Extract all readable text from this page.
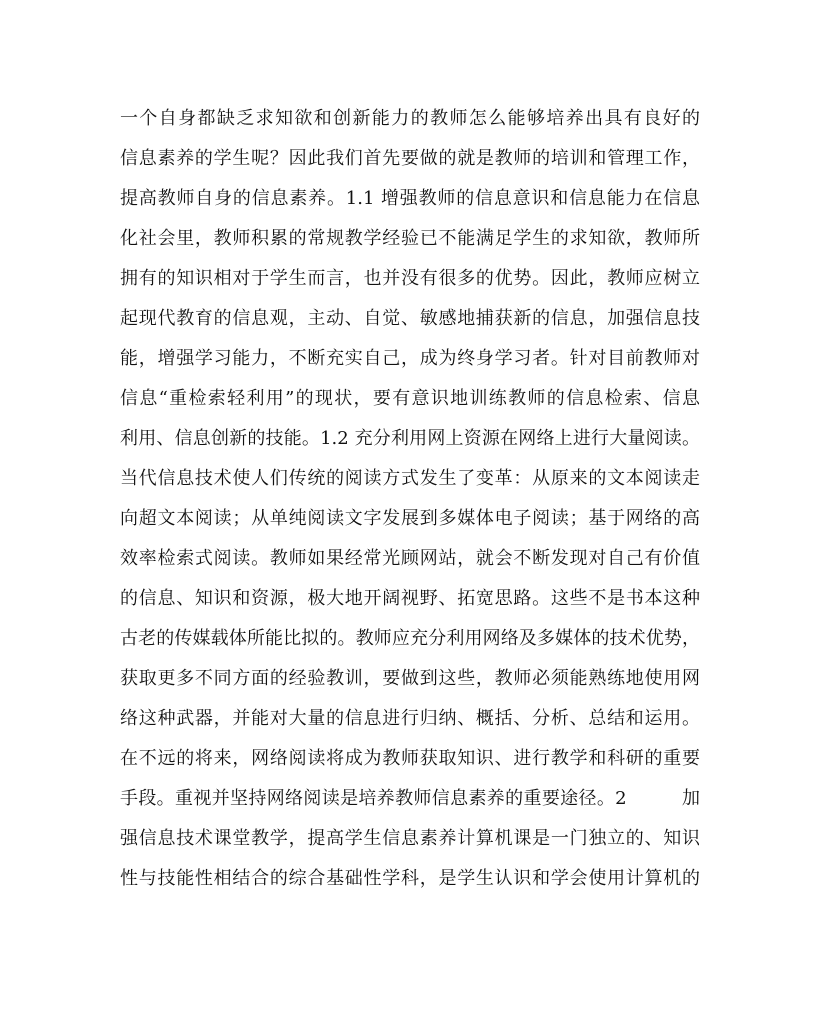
一个自身都缺乏求知欲和创新能力的教师怎么能够培养出具有良好的
信息素养的学生呢？因此我们首先要做的就是教师的培训和管理工作，
提高教师自身的信息素养。1.1 增强教师的信息意识和信息能力在信息
化社会里，教师积累的常规教学经验已不能满足学生的求知欲，教师所
拥有的知识相对于学生而言，也并没有很多的优势。因此，教师应树立
起现代教育的信息观，主动、自觉、敏感地捕获新的信息，加强信息技
能，增强学习能力，不断充实自己，成为终身学习者。针对目前教师对
信息“重检索轻利用”的现状，要有意识地训练教师的信息检索、信息
利用、信息创新的技能。1.2 充分利用网上资源在网络上进行大量阅读。
当代信息技术使人们传统的阅读方式发生了变革：从原来的文本阅读走
向超文本阅读；从单纯阅读文字发展到多媒体电子阅读；基于网络的高
效率检索式阅读。教师如果经常光顾网站，就会不断发现对自己有价值
的信息、知识和资源，极大地开阔视野、拓宽思路。这些不是书本这种
古老的传媒载体所能比拟的。教师应充分利用网络及多媒体的技术优势，
获取更多不同方面的经验教训，要做到这些，教师必须能熟练地使用网
络这种武器，并能对大量的信息进行归纳、概括、分析、总结和运用。
在不远的将来，网络阅读将成为教师获取知识、进行教学和科研的重要
手段。重视并坚持网络阅读是培养教师信息素养的重要途径。2　　　加
强信息技术课堂教学，提高学生信息素养计算机课是一门独立的、知识
性与技能性相结合的综合基础性学科，是学生认识和学会使用计算机的
